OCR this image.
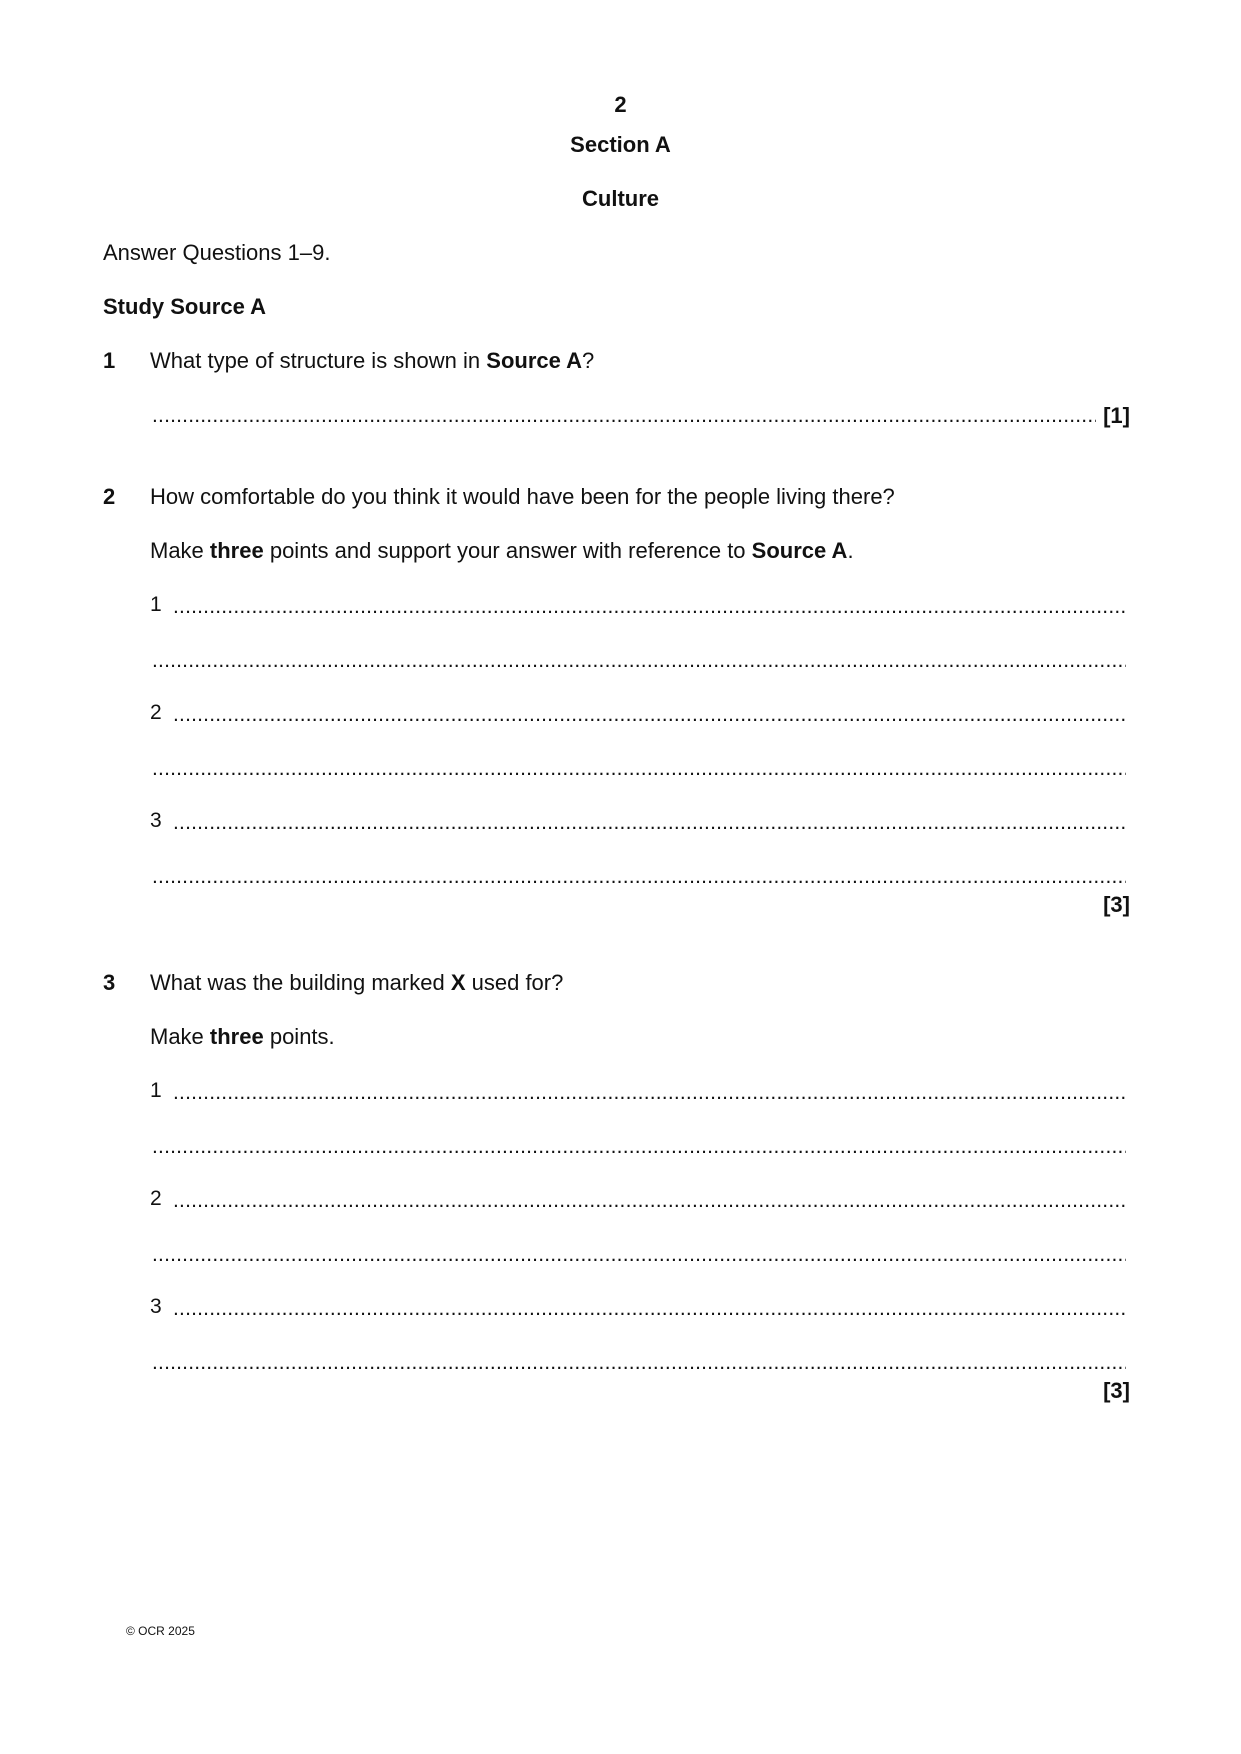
2
Section A
Culture
Answer Questions 1–9.
Study Source A
1 What type of structure is shown in Source A?
.....
[1]
2 How comfortable do you think it would have been for the people living there?
Make three points and support your answer with reference to Source A.
1
.....
.....
2
.....
.....
3
.....
.....
[3]
3 What was the building marked X used for?
Make three points.
1
.....
.....
2
.....
.....
3
.....
.....
[3]
© OCR 2025
